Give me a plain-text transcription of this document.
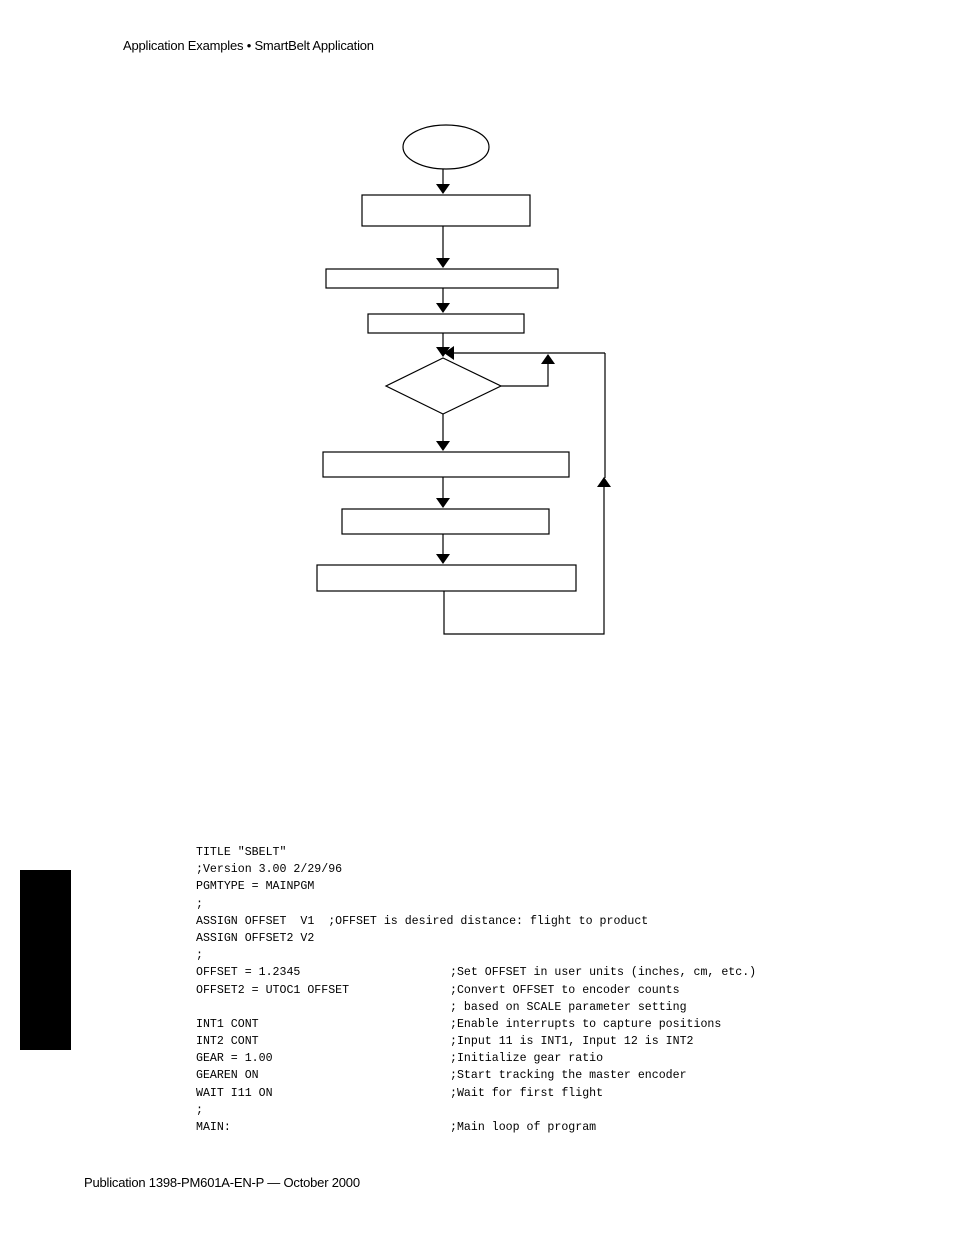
Application Examples • SmartBelt Application
TITLE "SBELT"
;Version 3.00 2/29/96
PGMTYPE = MAINPGM
;
ASSIGN OFFSET  V1  ;OFFSET is desired distance: flight to product
ASSIGN OFFSET2 V2
;
OFFSET = 1.2345	;Set OFFSET in user units (inches, cm, etc.)
OFFSET2 = UTOC1 OFFSET	;Convert OFFSET to encoder counts
; based on SCALE parameter setting
INT1 CONT	;Enable interrupts to capture positions
INT2 CONT	;Input 11 is INT1, Input 12 is INT2
GEAR = 1.00	;Initialize gear ratio
GEAREN ON	;Start tracking the master encoder
WAIT I11 ON	;Wait for first flight
;
MAIN:	;Main loop of program
Publication 1398-PM601A-EN-P — October 2000
